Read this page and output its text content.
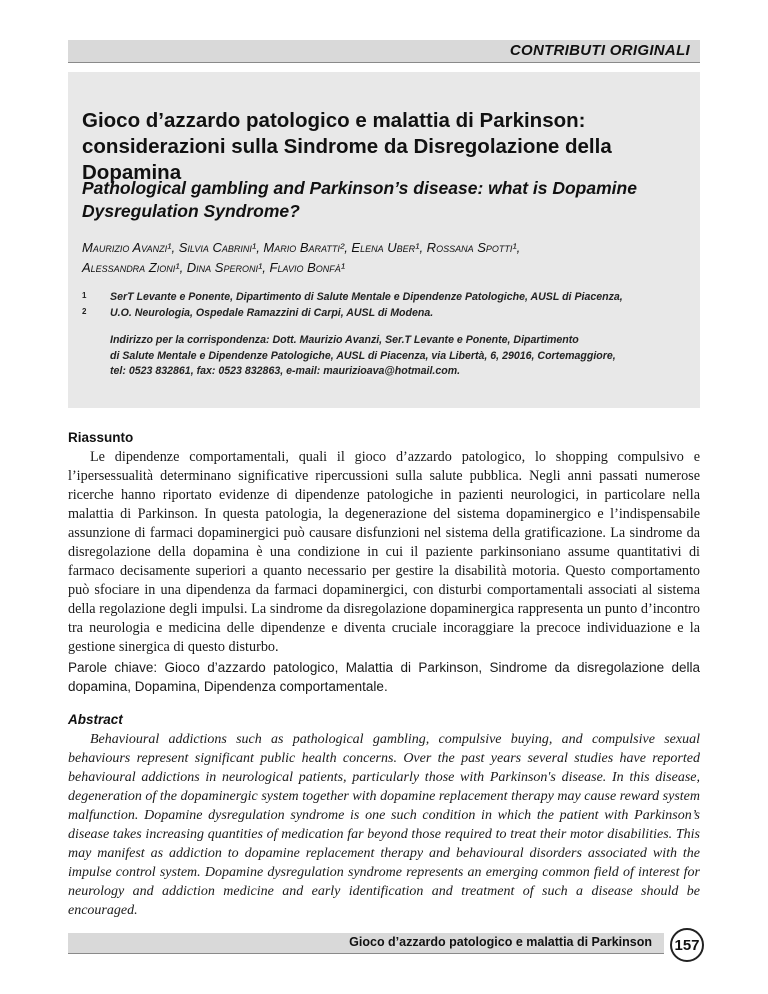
CONTRIBUTI ORIGINALI
Gioco d’azzardo patologico e malattia di Parkinson: considerazioni sulla Sindrome da Disregolazione della Dopamina
Pathological gambling and Parkinson’s disease: what is Dopamine Dysregulation Syndrome?

Maurizio Avanzi¹, Silvia Cabrini¹, Mario Baratti², Elena Uber¹, Rossana Spotti¹,
Alessandra Zioni¹, Dina Speroni¹, Flavio Bonfà¹

1 SerT Levante e Ponente, Dipartimento di Salute Mentale e Dipendenze Patologiche, AUSL di Piacenza,
2 U.O. Neurologia, Ospedale Ramazzini di Carpi, AUSL di Modena.
Indirizzo per la corrispondenza: Dott. Maurizio Avanzi, Ser.T Levante e Ponente, Dipartimento
di Salute Mentale e Dipendenze Patologiche, AUSL di Piacenza, via Libertà, 6, 29016, Cortemaggiore,
tel: 0523 832861, fax: 0523 832863, e-mail: maurizioava@hotmail.com.
Riassunto

Le dipendenze comportamentali, quali il gioco d’azzardo patologico, lo shopping compulsivo e l’ipersessualità determinano significative ripercussioni sulla salute pubblica. Negli anni passati numerose ricerche hanno riportato evidenze di dipendenze patologiche in pazienti neurologici, in particolare nella malattia di Parkinson. In questa patologia, la degenerazione del sistema dopaminergico e l’indispensabile assunzione di farmaci dopaminergici può causare disfunzioni nel sistema della gratificazione. La sindrome da disregolazione della dopamina è una condizione in cui il paziente parkinsoniano assume quantitativi di farmaco decisamente superiori a quanto necessario per gestire la disabilità motoria. Questo comportamento può sfociare in una dipendenza da farmaci dopaminergici, con disturbi comportamentali associati al sistema della regolazione degli impulsi. La sindrome da disregolazione dopaminergica rappresenta un punto d’incontro tra neurologia e medicina delle dipendenze e diventa cruciale incoraggiare la precoce individuazione e la gestione sinergica di questo disturbo.

Parole chiave: Gioco d’azzardo patologico, Malattia di Parkinson, Sindrome da disregolazione della dopamina, Dopamina, Dipendenza comportamentale.

Abstract

Behavioural addictions such as pathological gambling, compulsive buying, and compulsive sexual behaviours represent significant public health concerns. Over the past years several studies have reported behavioural addictions in neurological patients, particularly those with Parkinson's disease. In this disease, degeneration of the dopaminergic system together with dopamine replacement therapy may cause reward system malfunction. Dopamine dysregulation syndrome is one such condition in which the patient with Parkinson’s disease takes increasing quantities of medication far beyond those required to treat their motor disabilities. This may manifest as addiction to dopamine replacement therapy and behavioural disorders associated with the impulse control system. Dopamine dysregulation syndrome represents an emerging common field of interest for neurology and addiction medicine and early identification and treatment of such a disease should be encouraged.

Gioco d’azzardo patologico e malattia di Parkinson 157
